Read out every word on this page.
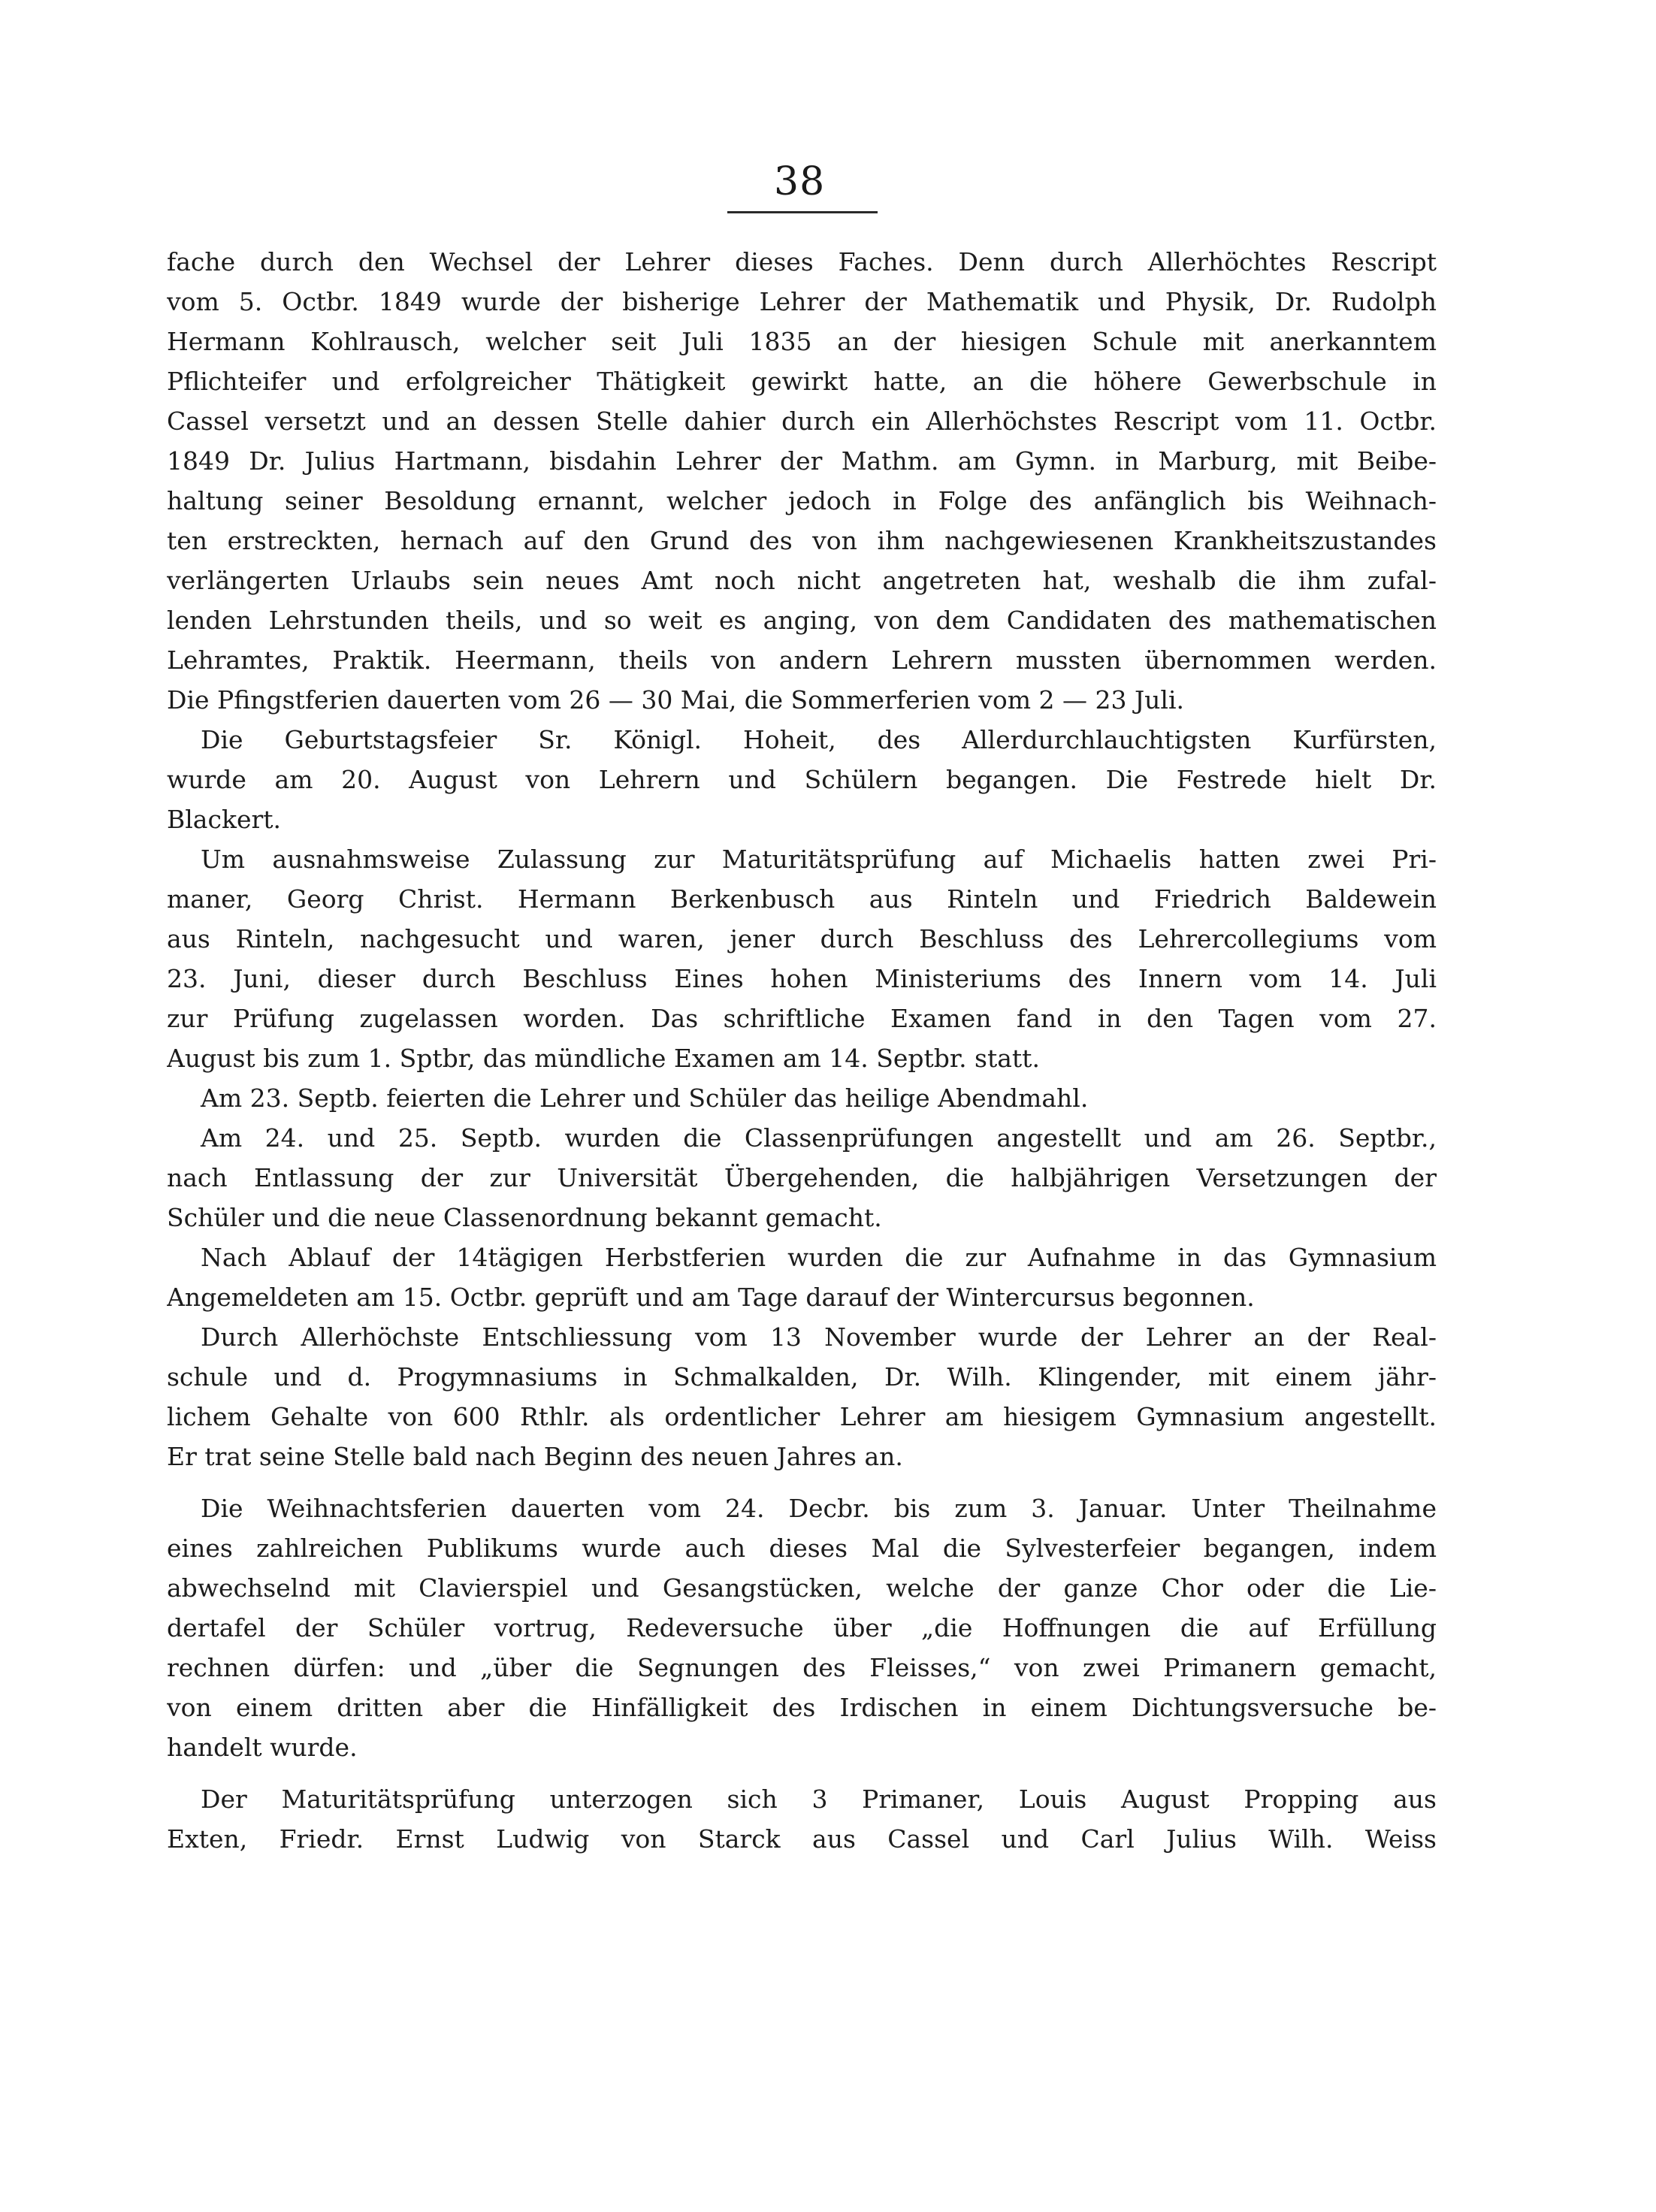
38
fache durch den Wechsel der Lehrer dieses Faches. Denn durch Allerhöchtes Rescript
vom 5. Octbr. 1849 wurde der bisherige Lehrer der Mathematik und Physik, Dr. Rudolph
Hermann Kohlrausch, welcher seit Juli 1835 an der hiesigen Schule mit anerkanntem
Pflichteifer und erfolgreicher Thätigkeit gewirkt hatte, an die höhere Gewerbschule in
Cassel versetzt und an dessen Stelle dahier durch ein Allerhöchstes Rescript vom 11. Octbr.
1849 Dr. Julius Hartmann, bisdahin Lehrer der Mathm. am Gymn. in Marburg, mit Beibe-
haltung seiner Besoldung ernannt, welcher jedoch in Folge des anfänglich bis Weihnach-
ten erstreckten, hernach auf den Grund des von ihm nachgewiesenen Krankheitszustandes
verlängerten Urlaubs sein neues Amt noch nicht angetreten hat, weshalb die ihm zufal-
lenden Lehrstunden theils, und so weit es anging, von dem Candidaten des mathematischen
Lehramtes, Praktik. Heermann, theils von andern Lehrern mussten übernommen werden.
Die Pfingstferien dauerten vom 26 — 30 Mai, die Sommerferien vom 2 — 23 Juli.
Die Geburtstagsfeier Sr. Königl. Hoheit, des Allerdurchlauchtigsten Kurfürsten,
wurde am 20. August von Lehrern und Schülern begangen. Die Festrede hielt Dr.
Blackert.
Um ausnahmsweise Zulassung zur Maturitätsprüfung auf Michaelis hatten zwei Pri-
maner, Georg Christ. Hermann Berkenbusch aus Rinteln und Friedrich Baldewein
aus Rinteln, nachgesucht und waren, jener durch Beschluss des Lehrercollegiums vom
23. Juni, dieser durch Beschluss Eines hohen Ministeriums des Innern vom 14. Juli
zur Prüfung zugelassen worden. Das schriftliche Examen fand in den Tagen vom 27.
August bis zum 1. Sptbr, das mündliche Examen am 14. Septbr. statt.
Am 23. Septb. feierten die Lehrer und Schüler das heilige Abendmahl.
Am 24. und 25. Septb. wurden die Classenprüfungen angestellt und am 26. Septbr.,
nach Entlassung der zur Universität Übergehenden, die halbjährigen Versetzungen der
Schüler und die neue Classenordnung bekannt gemacht.
Nach Ablauf der 14tägigen Herbstferien wurden die zur Aufnahme in das Gymnasium
Angemeldeten am 15. Octbr. geprüft und am Tage darauf der Wintercursus begonnen.
Durch Allerhöchste Entschliessung vom 13 November wurde der Lehrer an der Real-
schule und d. Progymnasiums in Schmalkalden, Dr. Wilh. Klingender, mit einem jähr-
lichem Gehalte von 600 Rthlr. als ordentlicher Lehrer am hiesigem Gymnasium angestellt.
Er trat seine Stelle bald nach Beginn des neuen Jahres an.
Die Weihnachtsferien dauerten vom 24. Decbr. bis zum 3. Januar. Unter Theilnahme
eines zahlreichen Publikums wurde auch dieses Mal die Sylvesterfeier begangen, indem
abwechselnd mit Clavierspiel und Gesangstücken, welche der ganze Chor oder die Lie-
dertafel der Schüler vortrug, Redeversuche über „die Hoffnungen die auf Erfüllung
rechnen dürfen: und „über die Segnungen des Fleisses,“ von zwei Primanern gemacht,
von einem dritten aber die Hinfälligkeit des Irdischen in einem Dichtungsversuche be-
handelt wurde.
Der Maturitätsprüfung unterzogen sich 3 Primaner, Louis August Propping aus
Exten, Friedr. Ernst Ludwig von Starck aus Cassel und Carl Julius Wilh. Weiss
